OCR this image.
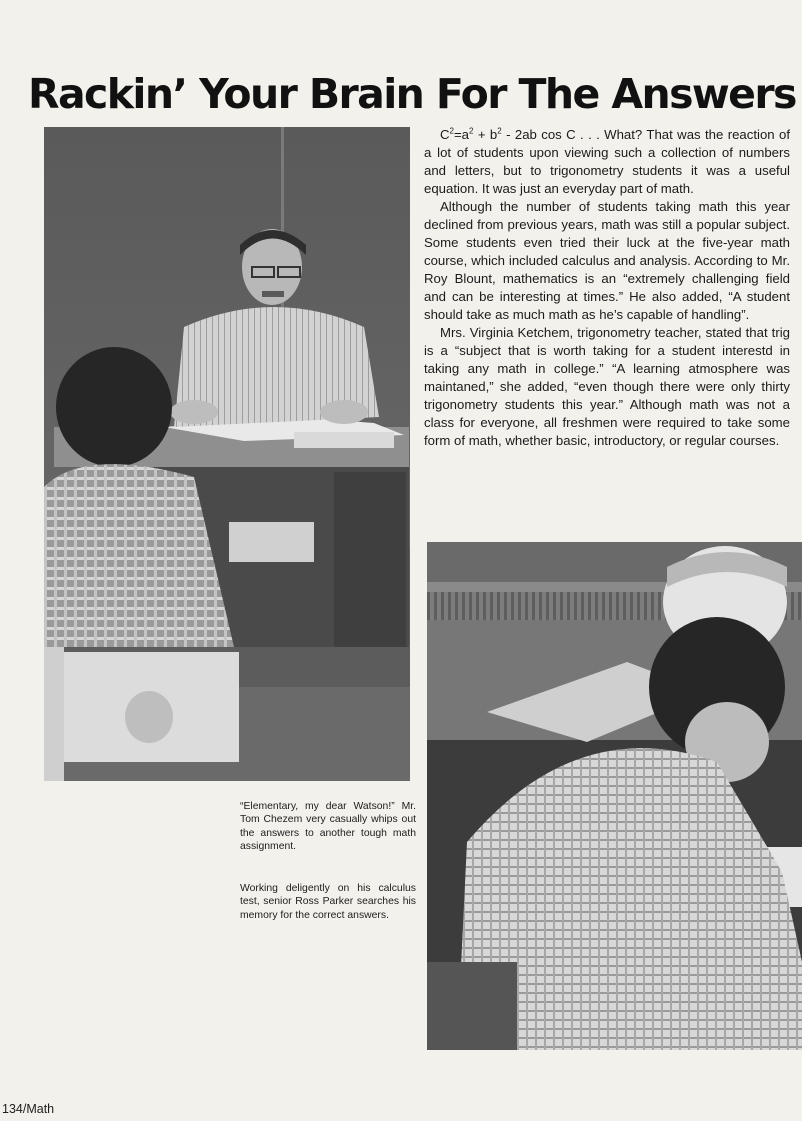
Rackin’ Your Brain For The Answers

$C^2=a^2 + b^2 - 2ab$ cos C . . . What? That was the reaction of a lot of students upon viewing such a collection of numbers and letters, but to trigonometry students it was a useful equation. It was just an everyday part of math.

Although the number of students taking math this year declined from previous years, math was still a popular subject. Some students even tried their luck at the five-year math course, which included calculus and analysis. According to Mr. Roy Blount, mathematics is an “extremely challenging field and can be interesting at times.” He also added, “A student should take as much math as he’s capable of handling”.

Mrs. Virginia Ketchem, trigonometry teacher, stated that trig is a “subject that is worth taking for a student interestd in taking any math in college.” “A learning atmosphere was maintaned,” she added, “even though there were only thirty trigonometry students this year.” Although math was not a class for everyone, all freshmen were required to take some form of math, whether basic, introductory, or regular courses.

“Elementary, my dear Watson!” Mr. Tom Chezem very casually whips out the answers to another tough math assignment.

Working deligently on his calculus test, senior Ross Parker searches his memory for the correct answers.

134/Math
